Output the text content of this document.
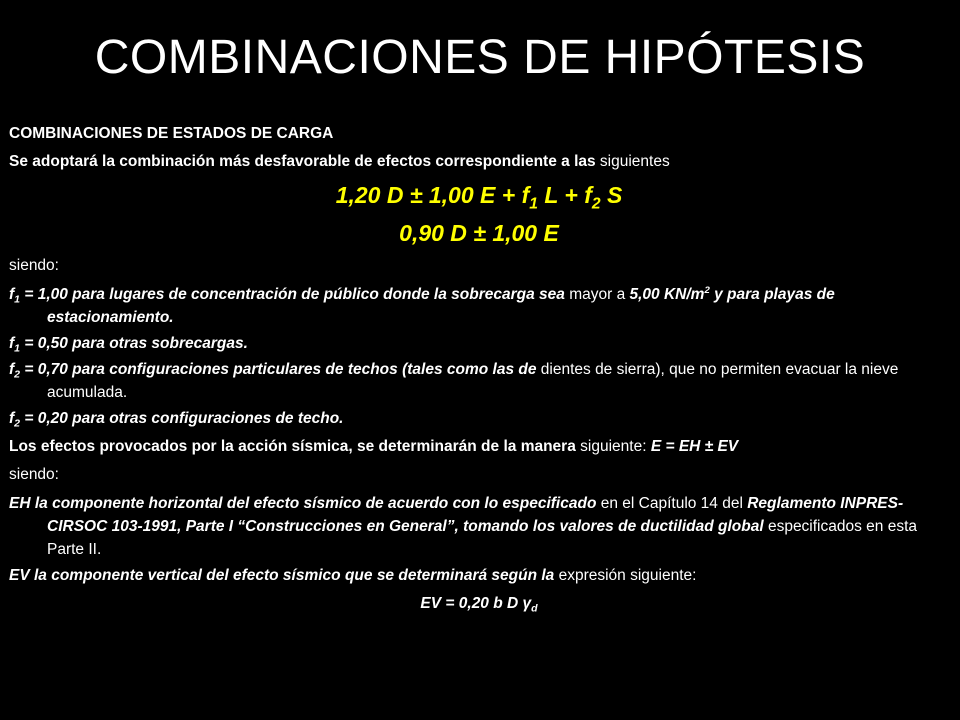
COMBINACIONES DE HIPÓTESIS

COMBINACIONES DE ESTADOS DE CARGA

Se adoptará la combinación más desfavorable de efectos correspondiente a las siguientes

1,20 D ± 1,00 $E + f_1$ $L + f_2$ S

0,90 D ± 1,00 E

siendo:

$f_1 = 1,00$ para lugares de concentración de público donde la sobrecarga sea mayor a 5,00 $KN/m^2$ y para playas de estacionamiento.

$f_1 = 0,50$ para otras sobrecargas.

$f_2 = 0,70$ para configuraciones particulares de techos (tales como las de dientes de sierra), que no permiten evacuar la nieve acumulada.

$f_2 = 0,20$ para otras configuraciones de techo.

Los efectos provocados por la acción sísmica, se determinarán de la manera siguiente: E = EH ± EV

siendo:

EH la componente horizontal del efecto sísmico de acuerdo con lo especificado en el Capítulo 14 del Reglamento INPRES-CIRSOC 103-1991, Parte I “Construcciones en General”, tomando los valores de ductilidad global especificados en esta Parte II.

EV la componente vertical del efecto sísmico que se determinará según la expresión siguiente:

EV = 0,20 b D $\gamma_d$
